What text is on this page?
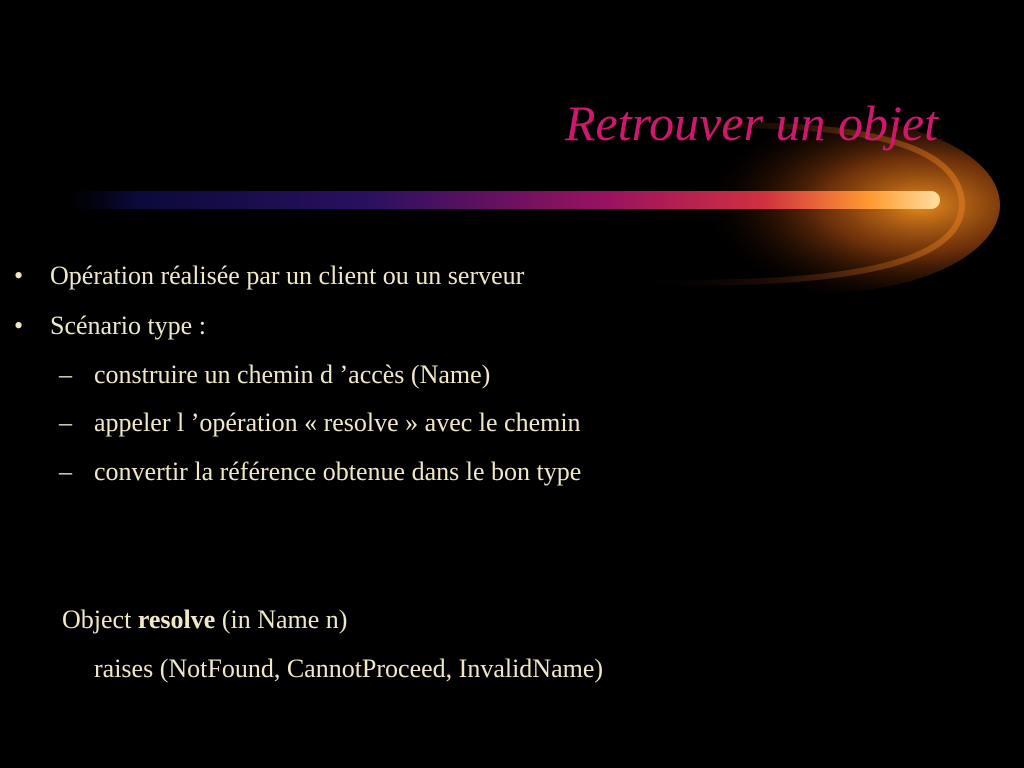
Retrouver un objet
• Opération réalisée par un client ou un serveur
• Scénario type :
– construire un chemin d ’accès (Name)
– appeler l ’opération « resolve » avec le chemin
– convertir la référence obtenue dans le bon type
Object resolve (in Name n)
raises (NotFound, CannotProceed, InvalidName)
